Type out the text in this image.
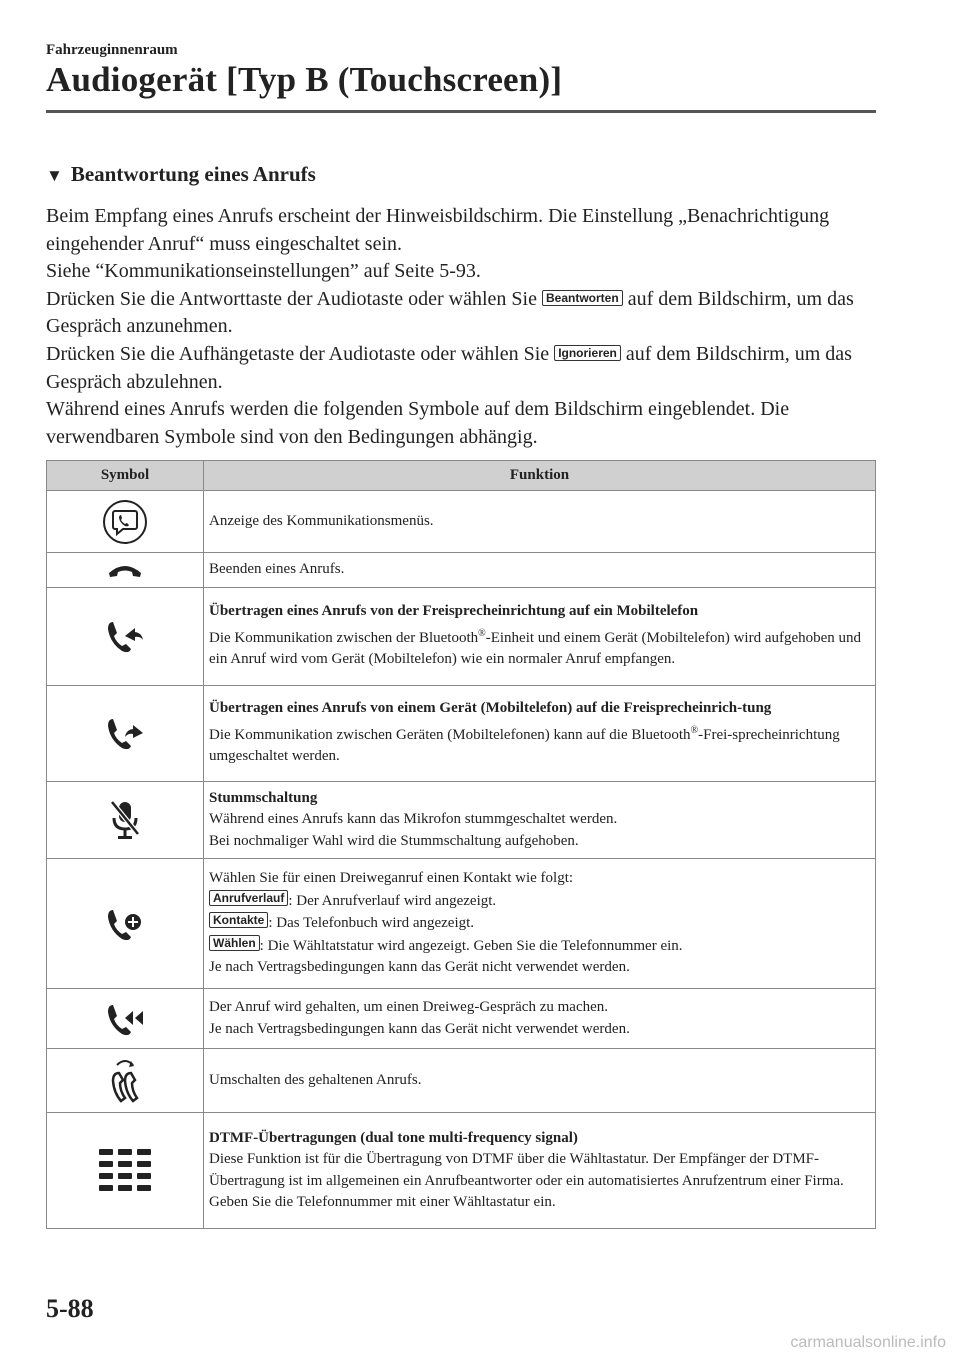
Fahrzeuginnenraum
Audiogerät [Typ B (Touchscreen)]
▼ Beantwortung eines Anrufs

Beim Empfang eines Anrufs erscheint der Hinweisbildschirm. Die Einstellung „Benachrichtigung eingehender Anruf“ muss eingeschaltet sein.

Siehe “Kommunikationseinstellungen” auf Seite 5-93.

Drücken Sie die Antworttaste der Audiotaste oder wählen Sie Beantworten auf dem Bildschirm, um das Gespräch anzunehmen.

Drücken Sie die Aufhängetaste der Audiotaste oder wählen Sie Ignorieren auf dem Bildschirm, um das Gespräch abzulehnen.

Während eines Anrufs werden die folgenden Symbole auf dem Bildschirm eingeblendet. Die verwendbaren Symbole sind von den Bedingungen abhängig.

Symbol	Funktion

	Anzeige des Kommunikationsmenüs.

	Beenden eines Anrufs.

Übertragen eines Anrufs von der Freisprecheinrichtung auf ein Mobiltelefon
Die Kommunikation zwischen der Bluetooth®-Einheit und einem Gerät (Mobiltelefon) wird aufgehoben und ein Anruf wird vom Gerät (Mobiltelefon) wie ein normaler Anruf empfangen.

Übertragen eines Anrufs von einem Gerät (Mobiltelefon) auf die Freisprecheinrich-tung
Die Kommunikation zwischen Geräten (Mobiltelefonen) kann auf die Bluetooth®-Frei-sprecheinrichtung umgeschaltet werden.

Stummschaltung
Während eines Anrufs kann das Mikrofon stummgeschaltet werden.
Bei nochmaliger Wahl wird die Stummschaltung aufgehoben.

Wählen Sie für einen Dreiweganruf einen Kontakt wie folgt:
Anrufverlauf : Der Anrufverlauf wird angezeigt.
Kontakte : Das Telefonbuch wird angezeigt.
Wählen : Die Wähltatstatur wird angezeigt. Geben Sie die Telefonnummer ein.
Je nach Vertragsbedingungen kann das Gerät nicht verwendet werden.

Der Anruf wird gehalten, um einen Dreiweg-Gespräch zu machen.
Je nach Vertragsbedingungen kann das Gerät nicht verwendet werden.

	Umschalten des gehaltenen Anrufs.

DTMF-Übertragungen (dual tone multi-frequency signal)
Diese Funktion ist für die Übertragung von DTMF über die Wähltastatur. Der Empfänger der DTMF-Übertragung ist im allgemeinen ein Anrufbeantworter oder ein automatisiertes Anrufzentrum einer Firma.
Geben Sie die Telefonnummer mit einer Wähltastatur ein.
5-88
carmanualsonline.info
